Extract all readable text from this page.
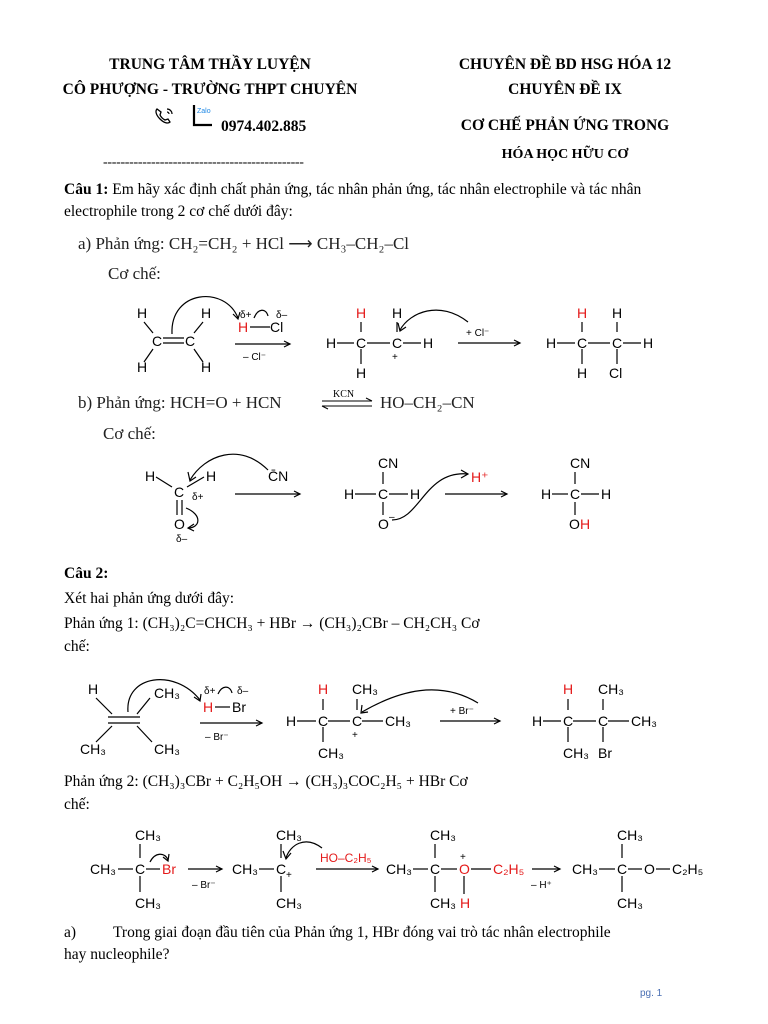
TRUNG TÂM THẦY LUYỆN
CÔ PHƯỢNG - TRƯỜNG THPT CHUYÊN
Zalo
0974.402.885
----------------------------------------------
CHUYÊN ĐỀ BD HSG HÓA 12
CHUYÊN ĐỀ IX
CƠ CHẾ PHẢN ỨNG TRONG
HÓA HỌC HỮU CƠ
Câu 1: Em hãy xác định chất phản ứng, tác nhân phản ứng, tác nhân electrophile và tác nhân electrophile trong 2 cơ chế dưới đây:
a) Phản ứng: CH₂=CH₂ + HCl ⟶ CH₃–CH₂–Cl
Cơ chế:
H	H
C C
H	H
δ+ δ–
H Cl
– Cl⁻
H H
H C C H
H
+
+ Cl⁻
H H
H C C H
H Cl
H	H
C δ+
O
δ–
C̄N
CN
H C H
O –
H⁺
CN
H C H
O H
H	CH₃
CH₃	CH₃
δ+ δ–
H Br
– Br⁻
H CH₃
H C C CH₃
+
CH₃
+ Br⁻
H CH₃
H C C CH₃
CH₃ Br
CH₃
CH₃ C Br
CH₃
– Br⁻
CH₃
CH₃ C +
CH₃
HO–C₂H₅
CH₃
CH₃ C
CH₃
O
+
H
C₂H₅
– H⁺
CH₃
CH₃ C
CH₃
O C₂H₅
KCN
b) Phản ứng: HCH=O + HCN	HO–CH₂–CN
Cơ chế:
Câu 2:
Xét hai phản ứng dưới đây:
Phản ứng 1: (CH₃)₂C=CHCH₃ + HBr → (CH₃)₂CBr – CH₂CH₃ Cơ
chế:
Phản ứng 2: (CH₃)₃CBr + C₂H₅OH → (CH₃)₃COC₂H₅ + HBr Cơ
chế:
a) Trong giai đoạn đầu tiên của Phản ứng 1, HBr đóng vai trò tác nhân electrophile
hay nucleophile?
pg. 1
